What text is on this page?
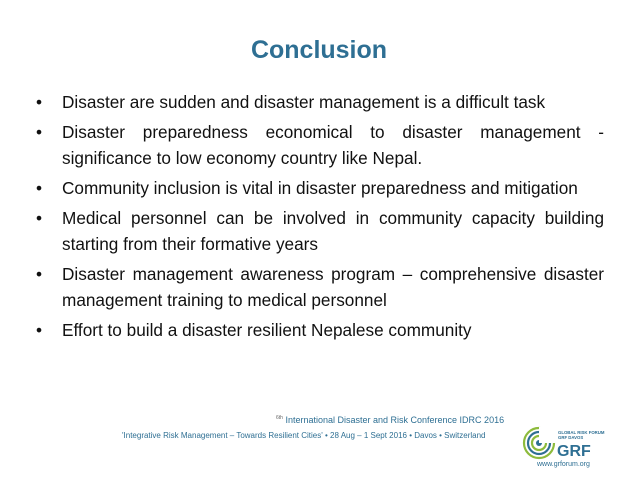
Conclusion
• Disaster are sudden and disaster management is a difficult task
• Disaster preparedness economical to disaster management - significance to low economy country like Nepal.
• Community inclusion is vital in disaster preparedness and mitigation
• Medical personnel can be involved in community capacity building starting from their formative years
• Disaster management awareness program – comprehensive disaster management training to medical personnel
• Effort to build a disaster resilient Nepalese community
$^{6th}$ International Disaster and Risk Conference IDRC 2016
'Integrative Risk Management – Towards Resilient Cities' • 28 Aug – 1 Sept 2016 • Davos • Switzerland	GLOBAL RISK FORUM
GRF DAVOS
GRF
www.grforum.org
